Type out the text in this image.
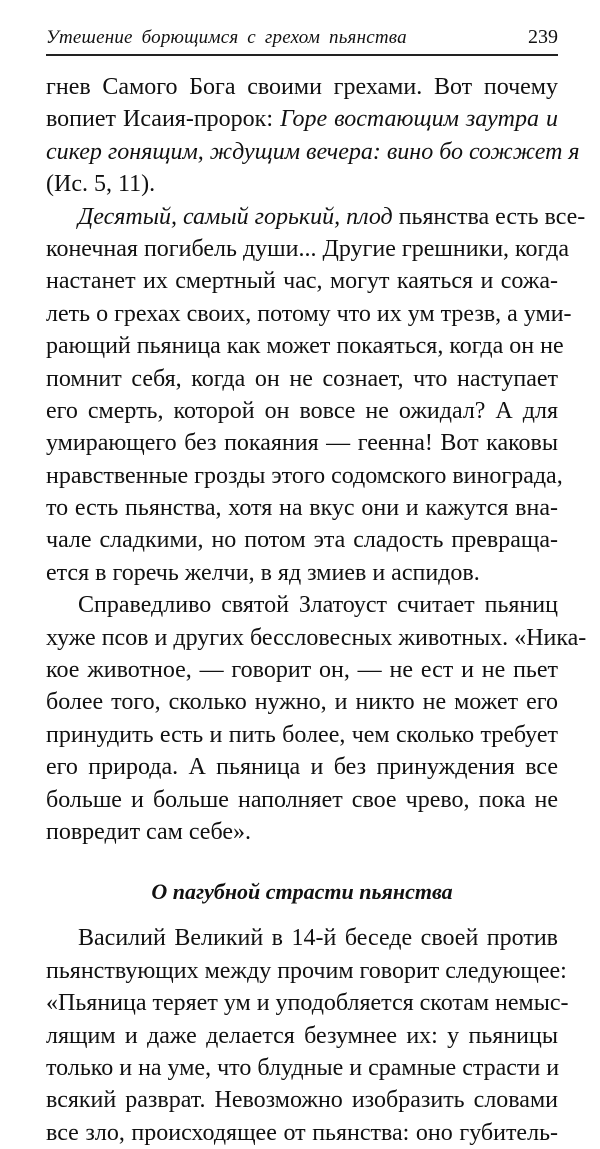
Утешение борющимся с грехом пьянства	239
гнев Самого Бога своими грехами. Вот почему
вопиет Исаия-пророк: Горе востающим заутра и
сикер гонящим, ждущим вечера: вино бо сожжет я
(Ис. 5, 11).
Десятый, самый горький, плод пьянства есть все-
конечная погибель души... Другие грешники, когда
настанет их смертный час, могут каяться и сожа-
леть о грехах своих, потому что их ум трезв, а уми-
рающий пьяница как может покаяться, когда он не
помнит себя, когда он не сознает, что наступает
его смерть, которой он вовсе не ожидал? А для
умирающего без покаяния — геенна! Вот каковы
нравственные грозды этого содомского винограда,
то есть пьянства, хотя на вкус они и кажутся вна-
чале сладкими, но потом эта сладость превраща-
ется в горечь желчи, в яд змиев и аспидов.
Справедливо святой Златоуст считает пьяниц
хуже псов и других бессловесных животных. «Ника-
кое животное, — говорит он, — не ест и не пьет
более того, сколько нужно, и никто не может его
принудить есть и пить более, чем сколько требует
его природа. А пьяница и без принуждения все
больше и больше наполняет свое чрево, пока не
повредит сам себе».
О пагубной страсти пьянства
Василий Великий в 14-й беседе своей против
пьянствующих между прочим говорит следующее:
«Пьяница теряет ум и уподобляется скотам немыс-
лящим и даже делается безумнее их: у пьяницы
только и на уме, что блудные и срамные страсти и
всякий разврат. Невозможно изобразить словами
все зло, происходящее от пьянства: оно губитель-
